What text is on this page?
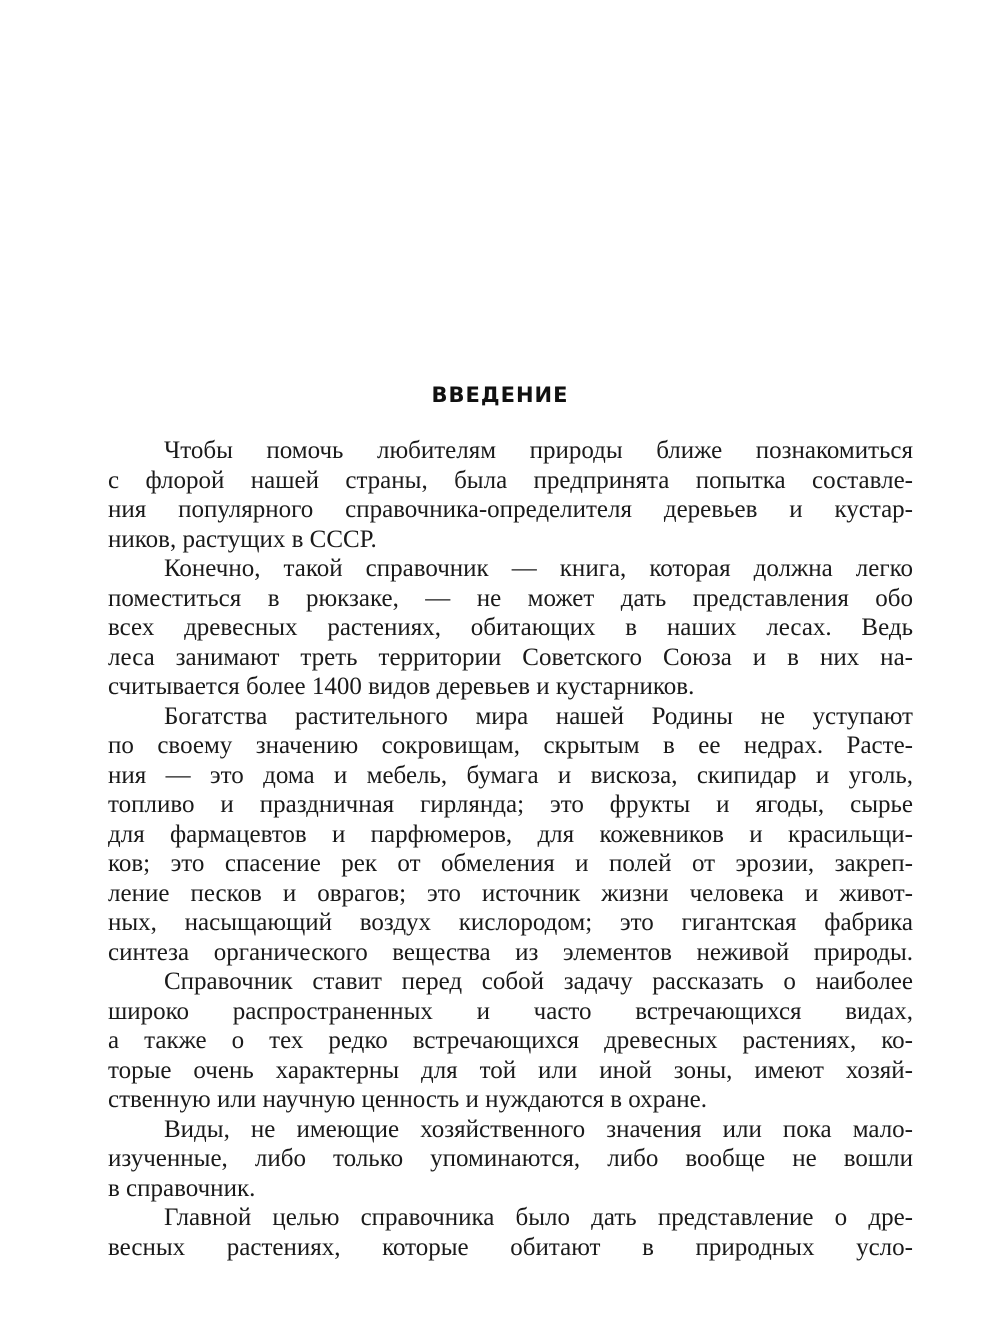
ВВЕДЕНИЕ
Чтобы помочь любителям природы ближе познакомиться
с флорой нашей страны, была предпринята попытка составле-
ния популярного справочника-определителя деревьев и кустар-
ников, растущих в СССР.
Конечно, такой справочник — книга, которая должна легко
поместиться в рюкзаке, — не может дать представления обо
всех древесных растениях, обитающих в наших лесах. Ведь
леса занимают треть территории Советского Союза и в них на-
считывается более 1400 видов деревьев и кустарников.
Богатства растительного мира нашей Родины не уступают
по своему значению сокровищам, скрытым в ее недрах. Расте-
ния — это дома и мебель, бумага и вискоза, скипидар и уголь,
топливо и праздничная гирлянда; это фрукты и ягоды, сырье
для фармацевтов и парфюмеров, для кожевников и красильщи-
ков; это спасение рек от обмеления и полей от эрозии, закреп-
ление песков и оврагов; это источник жизни человека и живот-
ных, насыщающий воздух кислородом; это гигантская фабрика
синтеза органического вещества из элементов неживой природы.
Справочник ставит перед собой задачу рассказать о наиболее
широко распространенных и часто встречающихся видах,
а также о тех редко встречающихся древесных растениях, ко-
торые очень характерны для той или иной зоны, имеют хозяй-
ственную или научную ценность и нуждаются в охране.
Виды, не имеющие хозяйственного значения или пока мало-
изученные, либо только упоминаются, либо вообще не вошли
в справочник.
Главной целью справочника было дать представление о дре-
весных растениях, которые обитают в природных усло-
